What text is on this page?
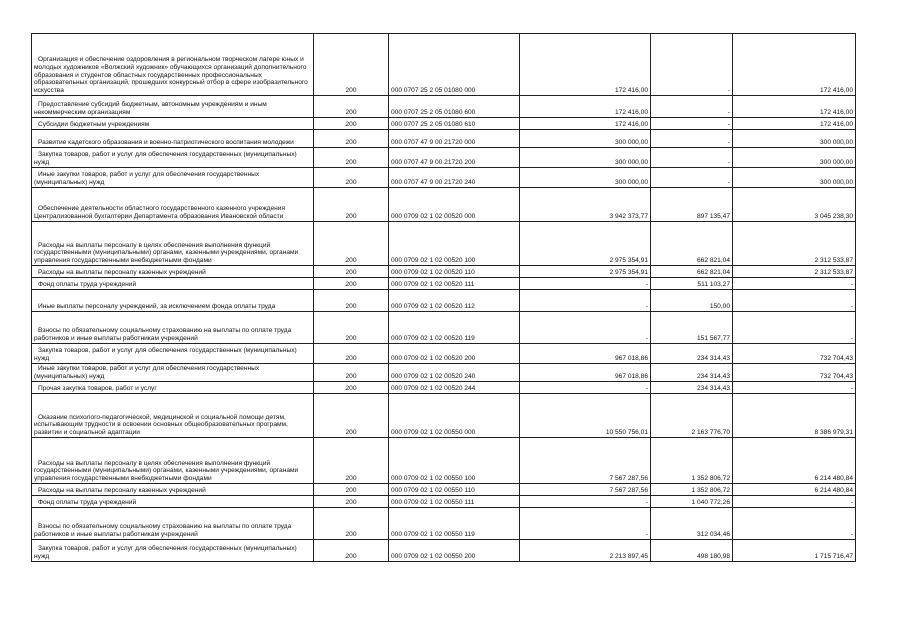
Организация и обеспечение оздоровления в региональном творческом лагере юных и молодых художников «Волжский художник» обучающихся организаций дополнительного образования и студентов областных государственных профессиональных образовательных организаций, прошедших конкурсный отбор в сфере изобразительного искусства	200	000 0707 25 2 05 01080 000	172 416,00	-	172 416,00

Предоставление субсидий бюджетным, автономным учреждениям и иным некоммерческим организациям	200	000 0707 25 2 05 01080 600	172 416,00	-	172 416,00

Субсидии бюджетным учреждениям	200	000 0707 25 2 05 01080 610	172 416,00	-	172 416,00

Развитие кадетского образования и военно-патриотического воспитания молодежи	200	000 0707 47 9 00 21720 000	300 000,00	-	300 000,00

Закупка товаров, работ и услуг для обеспечения государственных (муниципальных) нужд	200	000 0707 47 9 00 21720 200	300 000,00	-	300 000,00

Иные закупки товаров, работ и услуг для обеспечения государственных (муниципальных) нужд	200	000 0707 47 9 00 21720 240	300 000,00	-	300 000,00

Обеспечение деятельности областного государственного казенного учреждения Централизованной бухгалтерии Департамента образования Ивановской области	200	000 0709 02 1 02 00520 000	3 942 373,77	897 135,47	3 045 238,30

Расходы на выплаты персоналу в целях обеспечения выполнения функций государственными (муниципальными) органами, казенными учреждениями, органами управления государственными внебюджетными фондами	200	000 0709 02 1 02 00520 100	2 975 354,91	662 821,04	2 312 533,87

Расходы на выплаты персоналу казенных учреждений	200	000 0709 02 1 02 00520 110	2 975 354,91	662 821,04	2 312 533,87

Фонд оплаты труда учреждений	200	000 0709 02 1 02 00520 111	-	511 103,27	-

Иные выплаты персоналу учреждений, за исключением фонда оплаты труда	200	000 0709 02 1 02 00520 112	-	150,00	-

Взносы по обязательному социальному страхованию на выплаты по оплате труда работников и иные выплаты работникам учреждений	200	000 0709 02 1 02 00520 119	-	151 567,77	-

Закупка товаров, работ и услуг для обеспечения государственных (муниципальных) нужд	200	000 0709 02 1 02 00520 200	967 018,86	234 314,43	732 704,43

Иные закупки товаров, работ и услуг для обеспечения государственных (муниципальных) нужд	200	000 0709 02 1 02 00520 240	967 018,86	234 314,43	732 704,43

Прочая закупка товаров, работ и услуг	200	000 0709 02 1 02 00520 244	-	234 314,43	-

Оказание психолого-педагогической, медицинской и социальной помощи детям, испытывающим трудности в освоении основных общеобразовательных программ, развитии и социальной адаптации	200	000 0709 02 1 02 00550 000	10 550 756,01	2 163 776,70	8 386 979,31

Расходы на выплаты персоналу в целях обеспечения выполнения функций государственными (муниципальными) органами, казенными учреждениями, органами управления государственными внебюджетными фондами	200	000 0709 02 1 02 00550 100	7 567 287,56	1 352 806,72	6 214 480,84

Расходы на выплаты персоналу казенных учреждений	200	000 0709 02 1 02 00550 110	7 567 287,56	1 352 806,72	6 214 480,84

Фонд оплаты труда учреждений	200	000 0709 02 1 02 00550 111	-	1 040 772,26	-

Взносы по обязательному социальному страхованию на выплаты по оплате труда работников и иные выплаты работникам учреждений	200	000 0709 02 1 02 00550 119	-	312 034,46	-

Закупка товаров, работ и услуг для обеспечения государственных (муниципальных) нужд	200	000 0709 02 1 02 00550 200	2 213 897,45	498 180,98	1 715 716,47
